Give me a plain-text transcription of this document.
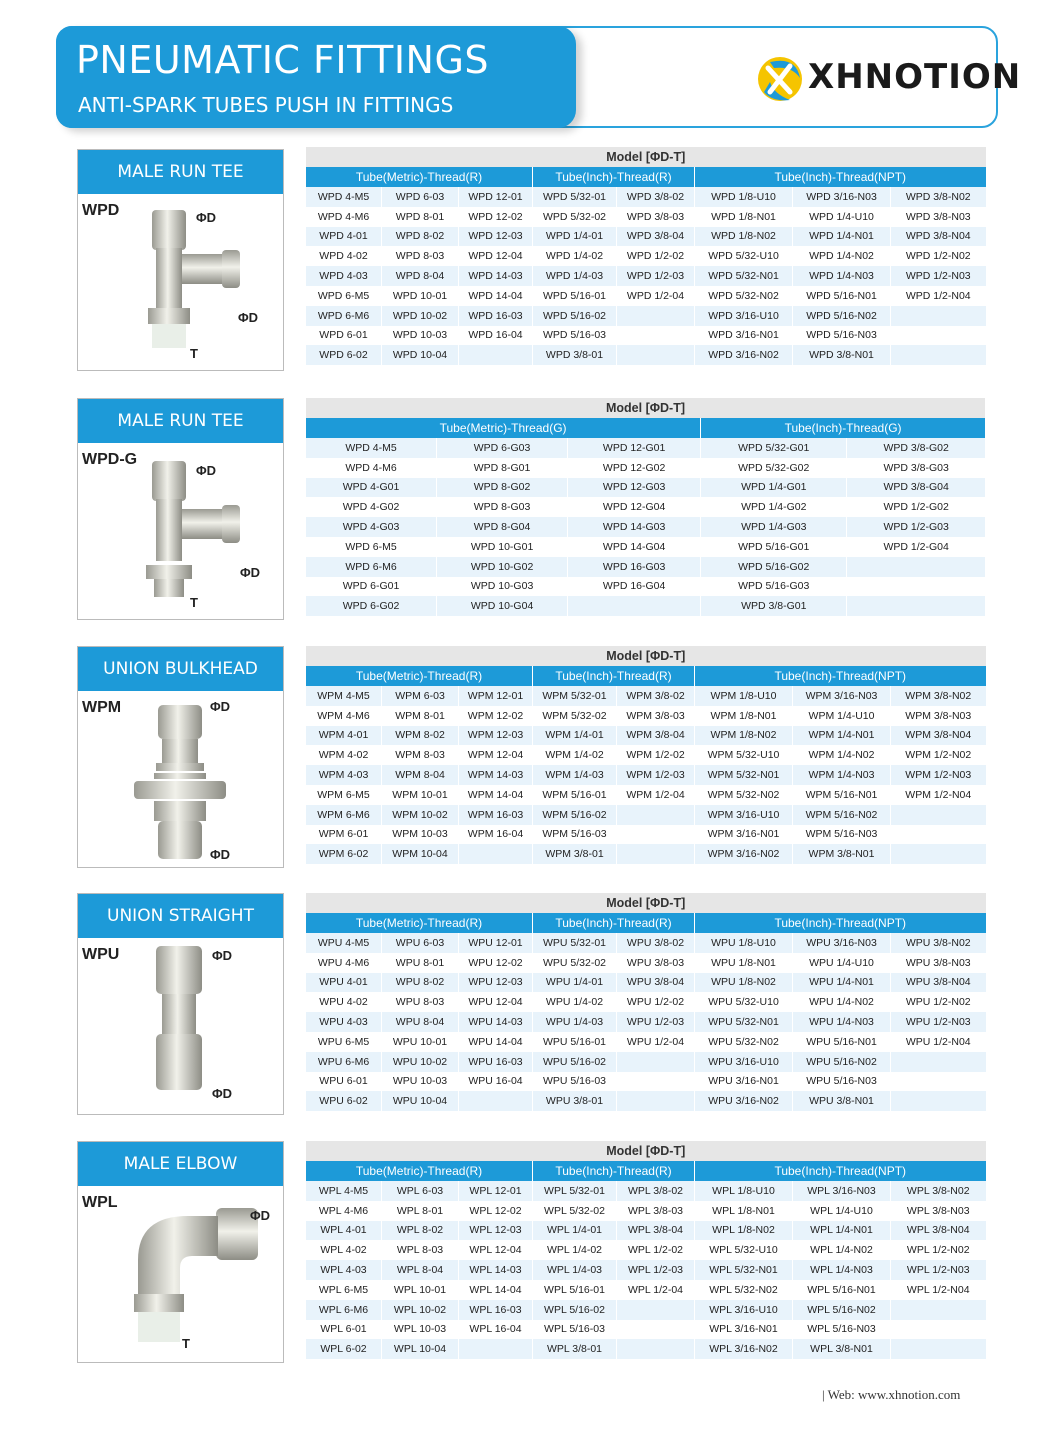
PNEUMATIC FITTINGS
ANTI-SPARK TUBES PUSH IN FITTINGS
XHNOTION
MALE RUN TEE
WPD	ΦD
ΦD
T
Model [ΦD-T]							
Tube(Metric)-Thread(R)			Tube(Inch)-Thread(R)		Tube(Inch)-Thread(NPT)		
WPD 4-M5	WPD 6-03	WPD 12-01	WPD 5/32-01	WPD 3/8-02	WPD 1/8-U10	WPD 3/16-N03	WPD 3/8-N02
WPD 4-M6	WPD 8-01	WPD 12-02	WPD 5/32-02	WPD 3/8-03	WPD 1/8-N01	WPD 1/4-U10	WPD 3/8-N03
WPD 4-01	WPD 8-02	WPD 12-03	WPD 1/4-01	WPD 3/8-04	WPD 1/8-N02	WPD 1/4-N01	WPD 3/8-N04
WPD 4-02	WPD 8-03	WPD 12-04	WPD 1/4-02	WPD 1/2-02	WPD 5/32-U10	WPD 1/4-N02	WPD 1/2-N02
WPD 4-03	WPD 8-04	WPD 14-03	WPD 1/4-03	WPD 1/2-03	WPD 5/32-N01	WPD 1/4-N03	WPD 1/2-N03
WPD 6-M5	WPD 10-01	WPD 14-04	WPD 5/16-01	WPD 1/2-04	WPD 5/32-N02	WPD 5/16-N01	WPD 1/2-N04
WPD 6-M6	WPD 10-02	WPD 16-03	WPD 5/16-02		WPD 3/16-U10	WPD 5/16-N02	
WPD 6-01	WPD 10-03	WPD 16-04	WPD 5/16-03		WPD 3/16-N01	WPD 5/16-N03	
WPD 6-02	WPD 10-04		WPD 3/8-01		WPD 3/16-N02	WPD 3/8-N01	
MALE RUN TEE
WPD-G
ΦD
ΦD
T
Model [ΦD-T]				
Tube(Metric)-Thread(G)			Tube(Inch)-Thread(G)	
WPD 4-M5	WPD 6-G03	WPD 12-G01	WPD 5/32-G01	WPD 3/8-G02
WPD 4-M6	WPD 8-G01	WPD 12-G02	WPD 5/32-G02	WPD 3/8-G03
WPD 4-G01	WPD 8-G02	WPD 12-G03	WPD 1/4-G01	WPD 3/8-G04
WPD 4-G02	WPD 8-G03	WPD 12-G04	WPD 1/4-G02	WPD 1/2-G02
WPD 4-G03	WPD 8-G04	WPD 14-G03	WPD 1/4-G03	WPD 1/2-G03
WPD 6-M5	WPD 10-G01	WPD 14-G04	WPD 5/16-G01	WPD 1/2-G04
WPD 6-M6	WPD 10-G02	WPD 16-G03	WPD 5/16-G02	
WPD 6-G01	WPD 10-G03	WPD 16-G04	WPD 5/16-G03	
WPD 6-G02	WPD 10-G04		WPD 3/8-G01	
UNION BULKHEAD
WPM	ΦD
ΦD
Model [ΦD-T]							
Tube(Metric)-Thread(R)			Tube(Inch)-Thread(R)		Tube(Inch)-Thread(NPT)		
WPM 4-M5	WPM 6-03	WPM 12-01	WPM 5/32-01	WPM 3/8-02	WPM 1/8-U10	WPM 3/16-N03	WPM 3/8-N02
WPM 4-M6	WPM 8-01	WPM 12-02	WPM 5/32-02	WPM 3/8-03	WPM 1/8-N01	WPM 1/4-U10	WPM 3/8-N03
WPM 4-01	WPM 8-02	WPM 12-03	WPM 1/4-01	WPM 3/8-04	WPM 1/8-N02	WPM 1/4-N01	WPM 3/8-N04
WPM 4-02	WPM 8-03	WPM 12-04	WPM 1/4-02	WPM 1/2-02	WPM 5/32-U10	WPM 1/4-N02	WPM 1/2-N02
WPM 4-03	WPM 8-04	WPM 14-03	WPM 1/4-03	WPM 1/2-03	WPM 5/32-N01	WPM 1/4-N03	WPM 1/2-N03
WPM 6-M5	WPM 10-01	WPM 14-04	WPM 5/16-01	WPM 1/2-04	WPM 5/32-N02	WPM 5/16-N01	WPM 1/2-N04
WPM 6-M6	WPM 10-02	WPM 16-03	WPM 5/16-02		WPM 3/16-U10	WPM 5/16-N02	
WPM 6-01	WPM 10-03	WPM 16-04	WPM 5/16-03		WPM 3/16-N01	WPM 5/16-N03	
WPM 6-02	WPM 10-04		WPM 3/8-01		WPM 3/16-N02	WPM 3/8-N01	
UNION STRAIGHT
WPU	ΦD
ΦD
Model [ΦD-T]							
Tube(Metric)-Thread(R)			Tube(Inch)-Thread(R)		Tube(Inch)-Thread(NPT)		
WPU 4-M5	WPU 6-03	WPU 12-01	WPU 5/32-01	WPU 3/8-02	WPU 1/8-U10	WPU 3/16-N03	WPU 3/8-N02
WPU 4-M6	WPU 8-01	WPU 12-02	WPU 5/32-02	WPU 3/8-03	WPU 1/8-N01	WPU 1/4-U10	WPU 3/8-N03
WPU 4-01	WPU 8-02	WPU 12-03	WPU 1/4-01	WPU 3/8-04	WPU 1/8-N02	WPU 1/4-N01	WPU 3/8-N04
WPU 4-02	WPU 8-03	WPU 12-04	WPU 1/4-02	WPU 1/2-02	WPU 5/32-U10	WPU 1/4-N02	WPU 1/2-N02
WPU 4-03	WPU 8-04	WPU 14-03	WPU 1/4-03	WPU 1/2-03	WPU 5/32-N01	WPU 1/4-N03	WPU 1/2-N03
WPU 6-M5	WPU 10-01	WPU 14-04	WPU 5/16-01	WPU 1/2-04	WPU 5/32-N02	WPU 5/16-N01	WPU 1/2-N04
WPU 6-M6	WPU 10-02	WPU 16-03	WPU 5/16-02		WPU 3/16-U10	WPU 5/16-N02	
WPU 6-01	WPU 10-03	WPU 16-04	WPU 5/16-03		WPU 3/16-N01	WPU 5/16-N03	
WPU 6-02	WPU 10-04		WPU 3/8-01		WPU 3/16-N02	WPU 3/8-N01	
MALE ELBOW
WPL
ΦD
T
Model [ΦD-T]							
Tube(Metric)-Thread(R)			Tube(Inch)-Thread(R)		Tube(Inch)-Thread(NPT)		
WPL 4-M5	WPL 6-03	WPL 12-01	WPL 5/32-01	WPL 3/8-02	WPL 1/8-U10	WPL 3/16-N03	WPL 3/8-N02
WPL 4-M6	WPL 8-01	WPL 12-02	WPL 5/32-02	WPL 3/8-03	WPL 1/8-N01	WPL 1/4-U10	WPL 3/8-N03
WPL 4-01	WPL 8-02	WPL 12-03	WPL 1/4-01	WPL 3/8-04	WPL 1/8-N02	WPL 1/4-N01	WPL 3/8-N04
WPL 4-02	WPL 8-03	WPL 12-04	WPL 1/4-02	WPL 1/2-02	WPL 5/32-U10	WPL 1/4-N02	WPL 1/2-N02
WPL 4-03	WPL 8-04	WPL 14-03	WPL 1/4-03	WPL 1/2-03	WPL 5/32-N01	WPL 1/4-N03	WPL 1/2-N03
WPL 6-M5	WPL 10-01	WPL 14-04	WPL 5/16-01	WPL 1/2-04	WPL 5/32-N02	WPL 5/16-N01	WPL 1/2-N04
WPL 6-M6	WPL 10-02	WPL 16-03	WPL 5/16-02		WPL 3/16-U10	WPL 5/16-N02	
WPL 6-01	WPL 10-03	WPL 16-04	WPL 5/16-03		WPL 3/16-N01	WPL 5/16-N03	
WPL 6-02	WPL 10-04		WPL 3/8-01		WPL 3/16-N02	WPL 3/8-N01	
| Web: www.xhnotion.com
